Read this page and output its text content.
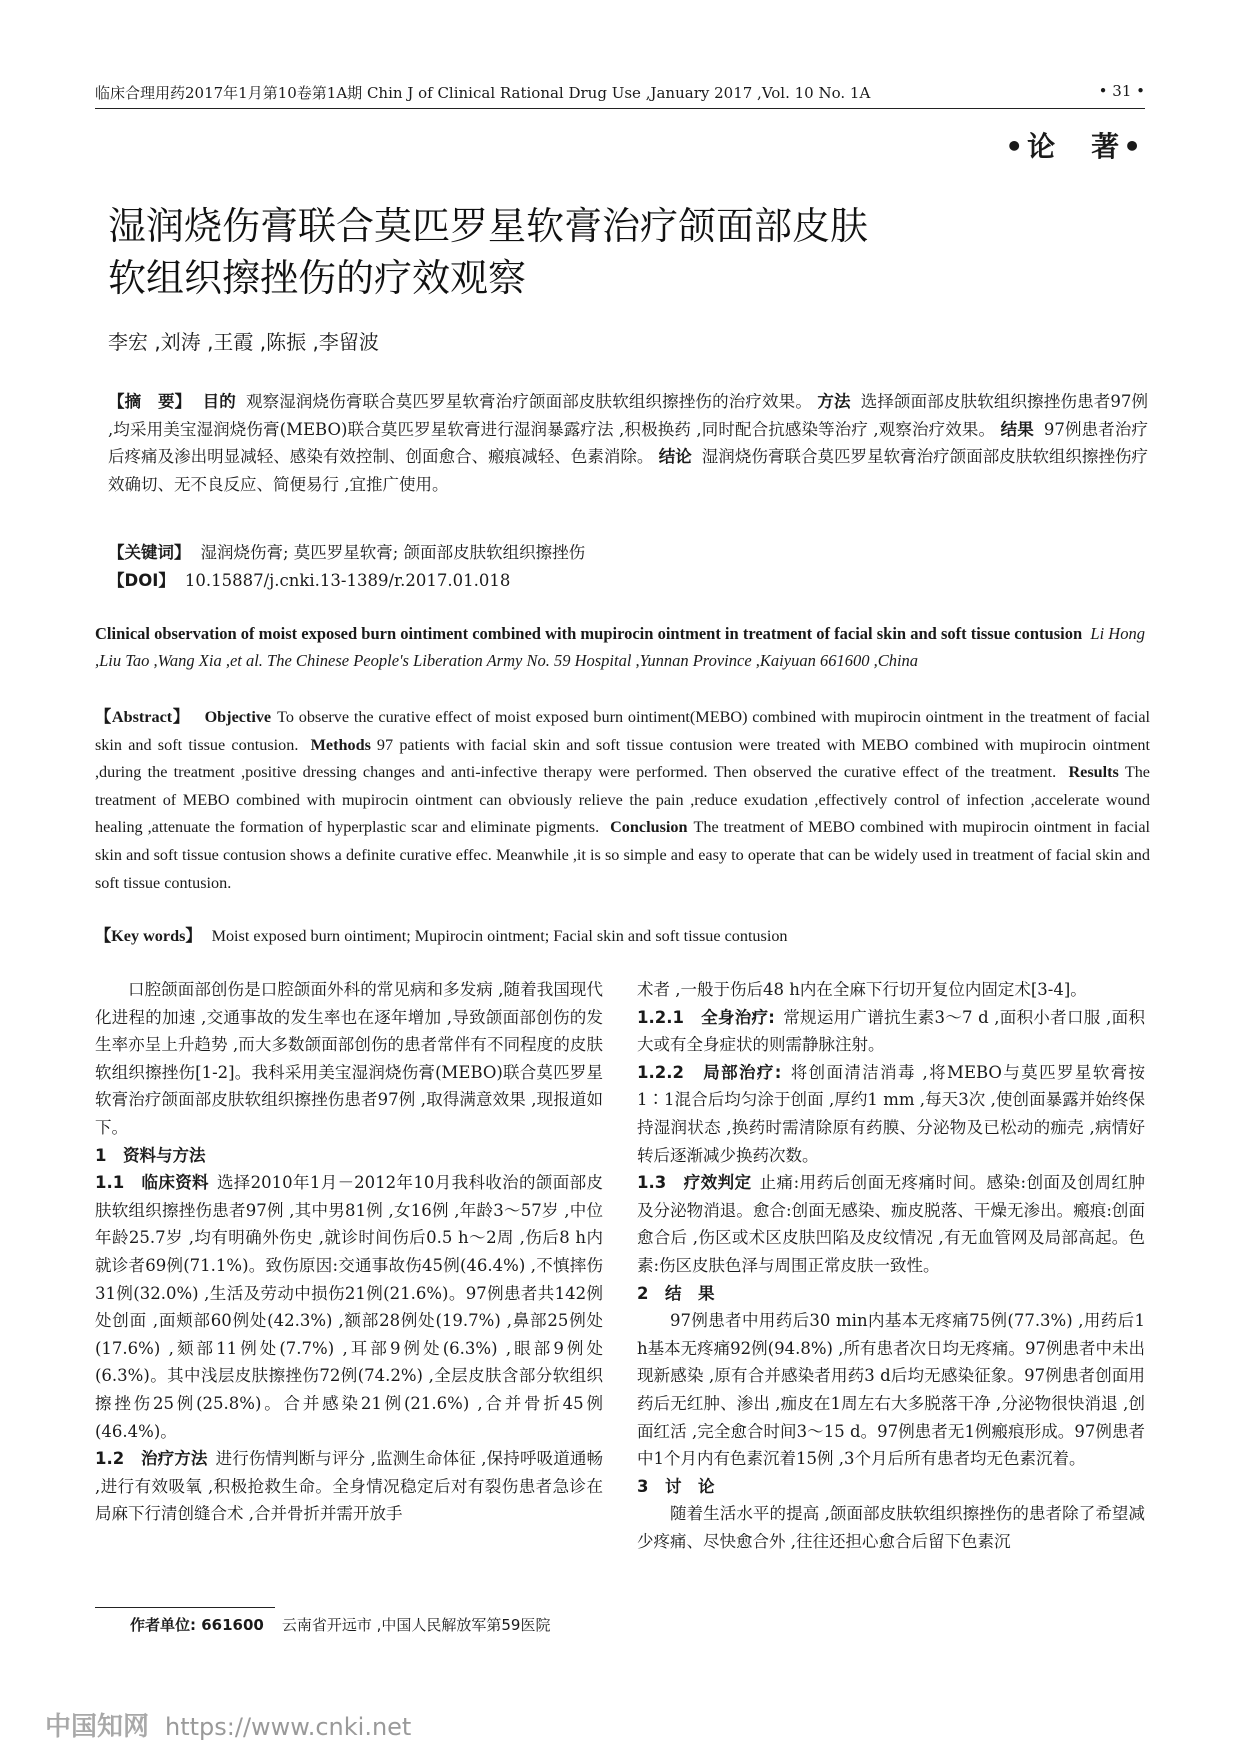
临床合理用药2017年1月第10卷第1A期 Chin J of Clinical Rational Drug Use ,January 2017 ,Vol. 10 No. 1A	• 31 •
•论　著•
湿润烧伤膏联合莫匹罗星软膏治疗颌面部皮肤
软组织擦挫伤的疗效观察
李宏 ,刘涛 ,王霞 ,陈振 ,李留波
【摘　要】 目的 观察湿润烧伤膏联合莫匹罗星软膏治疗颌面部皮肤软组织擦挫伤的治疗效果。 方法 选择颌面部皮肤软组织擦挫伤患者97例 ,均采用美宝湿润烧伤膏(MEBO)联合莫匹罗星软膏进行湿润暴露疗法 ,积极换药 ,同时配合抗感染等治疗 ,观察治疗效果。 结果 97例患者治疗后疼痛及渗出明显减轻、感染有效控制、创面愈合、瘢痕减轻、色素消除。 结论 湿润烧伤膏联合莫匹罗星软膏治疗颌面部皮肤软组织擦挫伤疗效确切、无不良反应、简便易行 ,宜推广使用。
【关键词】 湿润烧伤膏; 莫匹罗星软膏; 颌面部皮肤软组织擦挫伤
【DOI】 10.15887/j.cnki.13-1389/r.2017.01.018
Clinical observation of moist exposed burn ointiment combined with mupirocin ointment in treatment of facial skin and soft tissue contusion Li Hong ,Liu Tao ,Wang Xia ,et al. The Chinese People's Liberation Army No. 59 Hospital ,Yunnan Province ,Kaiyuan 661600 ,China
【Abstract】 Objective To observe the curative effect of moist exposed burn ointiment(MEBO) combined with mupirocin ointment in the treatment of facial skin and soft tissue contusion. Methods 97 patients with facial skin and soft tissue contusion were treated with MEBO combined with mupirocin ointment ,during the treatment ,positive dressing changes and anti-infective therapy were performed. Then observed the curative effect of the treatment. Results The treatment of MEBO combined with mupirocin ointment can obviously relieve the pain ,reduce exudation ,effectively control of infection ,accelerate wound healing ,attenuate the formation of hyperplastic scar and eliminate pigments. Conclusion The treatment of MEBO combined with mupirocin ointment in facial skin and soft tissue contusion shows a definite curative effec. Meanwhile ,it is so simple and easy to operate that can be widely used in treatment of facial skin and soft tissue contusion.
【Key words】 Moist exposed burn ointiment; Mupirocin ointment; Facial skin and soft tissue contusion

口腔颌面部创伤是口腔颌面外科的常见病和多发病 ,随着我国现代化进程的加速 ,交通事故的发生率也在逐年增加 ,导致颌面部创伤的发生率亦呈上升趋势 ,而大多数颌面部创伤的患者常伴有不同程度的皮肤软组织擦挫伤[1-2]。我科采用美宝湿润烧伤膏(MEBO)联合莫匹罗星软膏治疗颌面部皮肤软组织擦挫伤患者97例 ,取得满意效果 ,现报道如下。

1　资料与方法

1.1　临床资料 选择2010年1月－2012年10月我科收治的颌面部皮肤软组织擦挫伤患者97例 ,其中男81例 ,女16例 ,年龄3～57岁 ,中位年龄25.7岁 ,均有明确外伤史 ,就诊时间伤后0.5 h～2周 ,伤后8 h内就诊者69例(71.1%)。致伤原因:交通事故伤45例(46.4%) ,不慎摔伤31例(32.0%) ,生活及劳动中损伤21例(21.6%)。97例患者共142例处创面 ,面颊部60例处(42.3%) ,额部28例处(19.7%) ,鼻部25例处(17.6%) ,颏部11例处(7.7%) ,耳部9例处(6.3%) ,眼部9例处(6.3%)。其中浅层皮肤擦挫伤72例(74.2%) ,全层皮肤含部分软组织擦挫伤25例(25.8%)。合并感染21例(21.6%) ,合并骨折45例(46.4%)。

1.2　治疗方法 进行伤情判断与评分 ,监测生命体征 ,保持呼吸道通畅 ,进行有效吸氧 ,积极抢救生命。全身情况稳定后对有裂伤患者急诊在局麻下行清创缝合术 ,合并骨折并需开放手

术者 ,一般于伤后48 h内在全麻下行切开复位内固定术[3-4]。

1.2.1　全身治疗: 常规运用广谱抗生素3～7 d ,面积小者口服 ,面积大或有全身症状的则需静脉注射。

1.2.2　局部治疗: 将创面清洁消毒 ,将MEBO与莫匹罗星软膏按1∶1混合后均匀涂于创面 ,厚约1 mm ,每天3次 ,使创面暴露并始终保持湿润状态 ,换药时需清除原有药膜、分泌物及已松动的痂壳 ,病情好转后逐渐减少换药次数。

1.3　疗效判定 止痛:用药后创面无疼痛时间。感染:创面及创周红肿及分泌物消退。愈合:创面无感染、痂皮脱落、干燥无渗出。瘢痕:创面愈合后 ,伤区或术区皮肤凹陷及皮纹情况 ,有无血管网及局部高起。色素:伤区皮肤色泽与周围正常皮肤一致性。

2　结　果

97例患者中用药后30 min内基本无疼痛75例(77.3%) ,用药后1 h基本无疼痛92例(94.8%) ,所有患者次日均无疼痛。97例患者中未出现新感染 ,原有合并感染者用药3 d后均无感染征象。97例患者创面用药后无红肿、渗出 ,痂皮在1周左右大多脱落干净 ,分泌物很快消退 ,创面红活 ,完全愈合时间3～15 d。97例患者无1例瘢痕形成。97例患者中1个月内有色素沉着15例 ,3个月后所有患者均无色素沉着。

3　讨　论

随着生活水平的提高 ,颌面部皮肤软组织擦挫伤的患者除了希望减少疼痛、尽快愈合外 ,往往还担心愈合后留下色素沉

作者单位: 661600 云南省开远市 ,中国人民解放军第59医院
中国知网 https://www.cnki.net
